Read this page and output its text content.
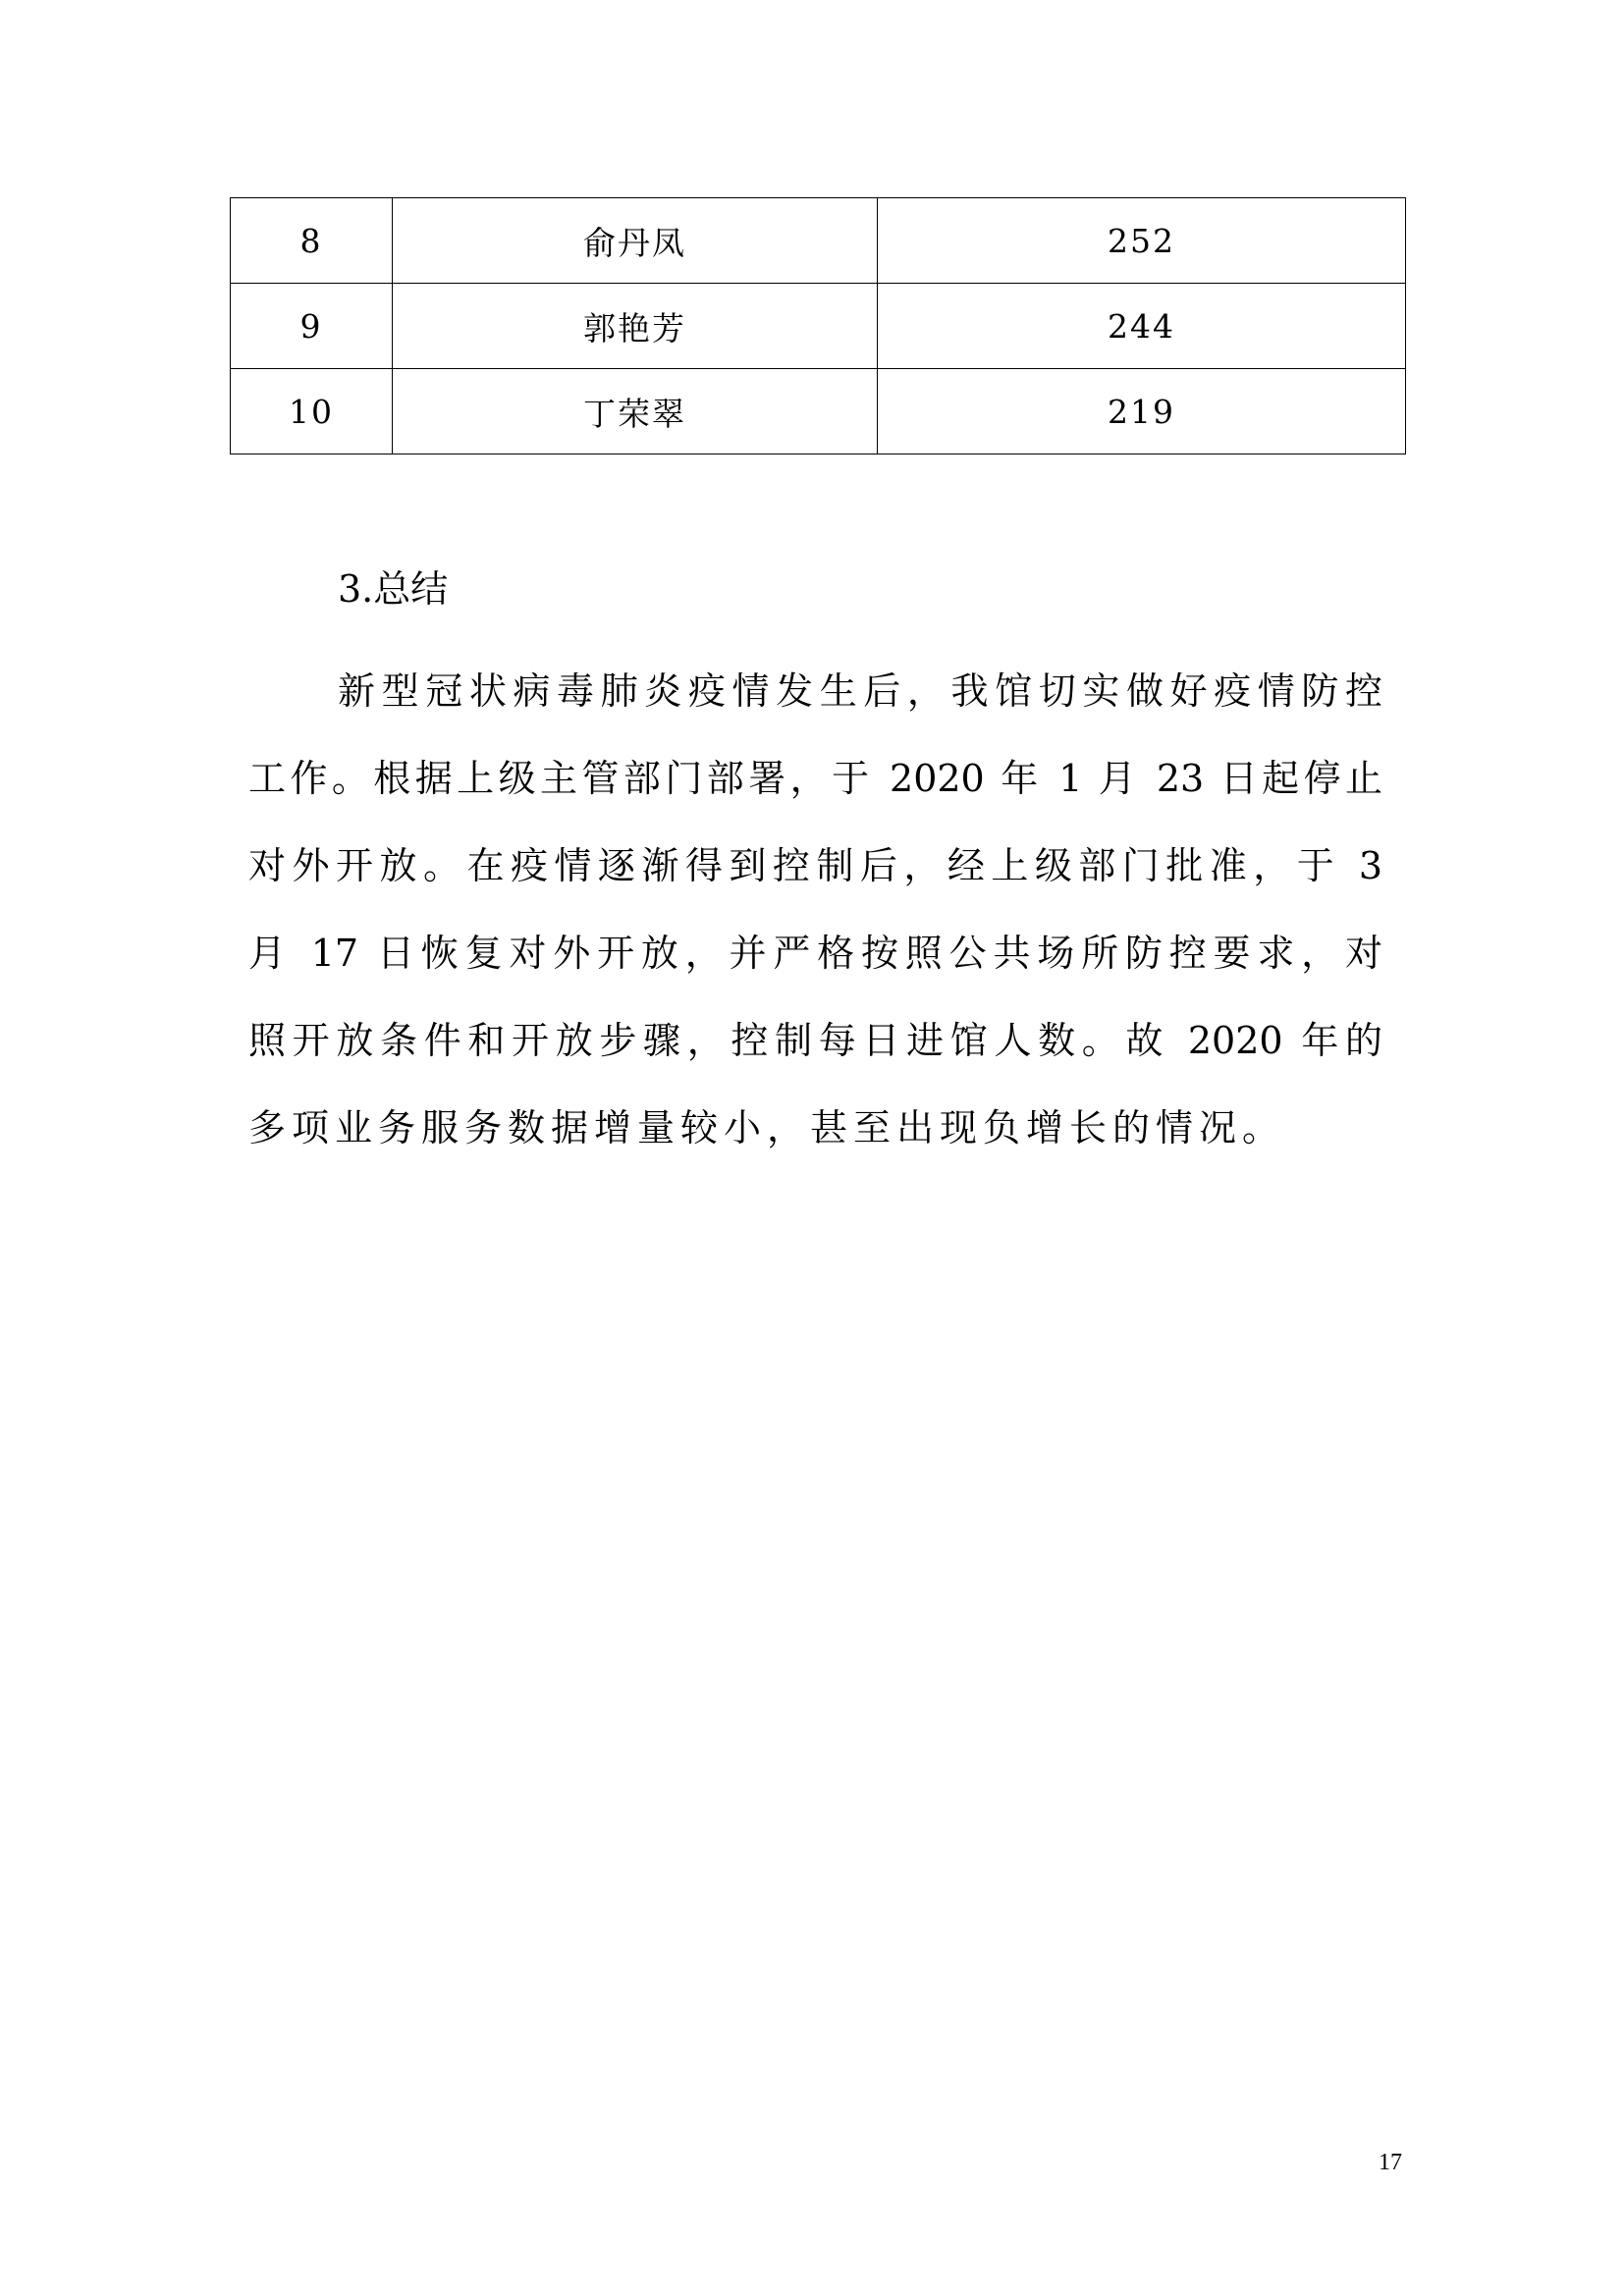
8	俞丹凤	252
9	郭艳芳	244
10	丁荣翠	219
3.总结

新型冠状病毒肺炎疫情发生后，我馆切实做好疫情防控
工作。根据上级主管部门部署，于 2020 年 1 月 23 日起停止
对外开放。在疫情逐渐得到控制后，经上级部门批准，于 3
月 17 日恢复对外开放，并严格按照公共场所防控要求，对
照开放条件和开放步骤，控制每日进馆人数。故 2020 年的
多项业务服务数据增量较小，甚至出现负增长的情况。

17
